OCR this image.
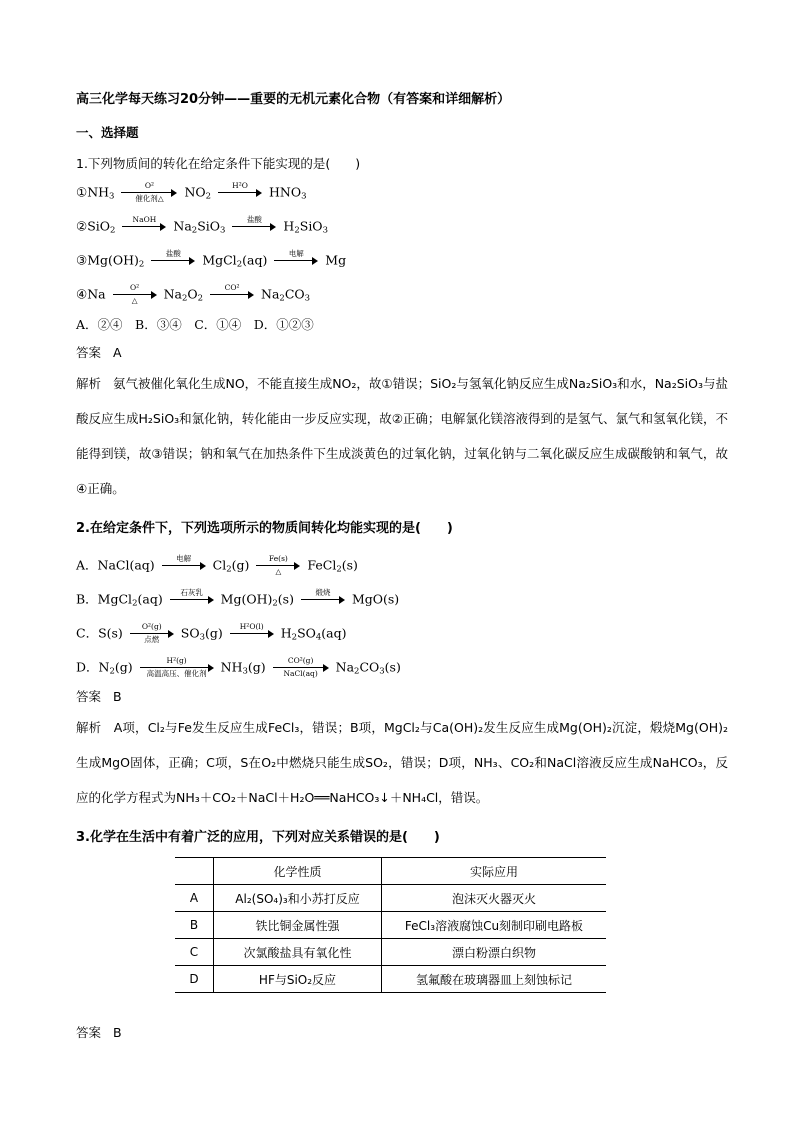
高三化学每天练习20分钟——重要的无机元素化合物（有答案和详细解析）
一、选择题
1.下列物质间的转化在给定条件下能实现的是(　　)
$①NH_3$
O²
催化剂△	$NO_2$
H²O	$HNO_3$
②SiO$_2$
NaOH	$Na_2SiO_3$
盐酸	$H_2SiO_3$
$③Mg(OH)_2$
盐酸	MgCl$_2$(aq)	电解	Mg
④Na	O²
△	$Na_2O_2$
CO²	$Na_2CO_3$
A．②④　B．③④　C．①④　D．①②③
答案 A
解析 氨气被催化氧化生成NO，不能直接生成NO₂，故①错误；SiO₂与氢氧化钠反应生成Na₂SiO₃和水，Na₂SiO₃与盐酸反应生成H₂SiO₃和氯化钠，转化能由一步反应实现，故②正确；电解氯化镁溶液得到的是氢气、氯气和氢氧化镁，不能得到镁，故③错误；钠和氧气在加热条件下生成淡黄色的过氧化钠，过氧化钠与二氧化碳反应生成碳酸钠和氧气，故④正确。
2.在给定条件下，下列选项所示的物质间转化均能实现的是(　　)
A．NaCl(aq)	电解	$Cl_2(g)$	Fe(s)
△	FeCl$_2$(s)
B．MgCl$_2$(aq)	石灰乳	$Mg(OH)_2(s)$	煅烧	MgO(s)
C．S(s)	O²(g)
点燃	$SO_3(g)$	H²O(l)	$H_2SO_4(aq)$
D．$N_2(g)$	H²(g)
高温高压、催化剂	$NH_3(g)$	CO²(g)
NaCl(aq)	$Na_2CO_3(s)$
答案 B
解析 A项，Cl₂与Fe发生反应生成FeCl₃，错误；B项，MgCl₂与Ca(OH)₂发生反应生成Mg(OH)₂沉淀，煅烧Mg(OH)₂生成MgO固体，正确；C项，S在O₂中燃烧只能生成SO₂，错误；D项，NH₃、CO₂和NaCl溶液反应生成NaHCO₃，反应的化学方程式为NH₃＋CO₂＋NaCl＋H₂O══NaHCO₃↓＋NH₄Cl，错误。
3.化学在生活中有着广泛的应用，下列对应关系错误的是(　　)
	化学性质	实际应用
A	Al₂(SO₄)₃和小苏打反应	泡沫灭火器灭火
B	铁比铜金属性强	FeCl₃溶液腐蚀Cu刻制印刷电路板
C	次氯酸盐具有氧化性	漂白粉漂白织物
D	HF与SiO₂反应	氢氟酸在玻璃器皿上刻蚀标记
答案 B
